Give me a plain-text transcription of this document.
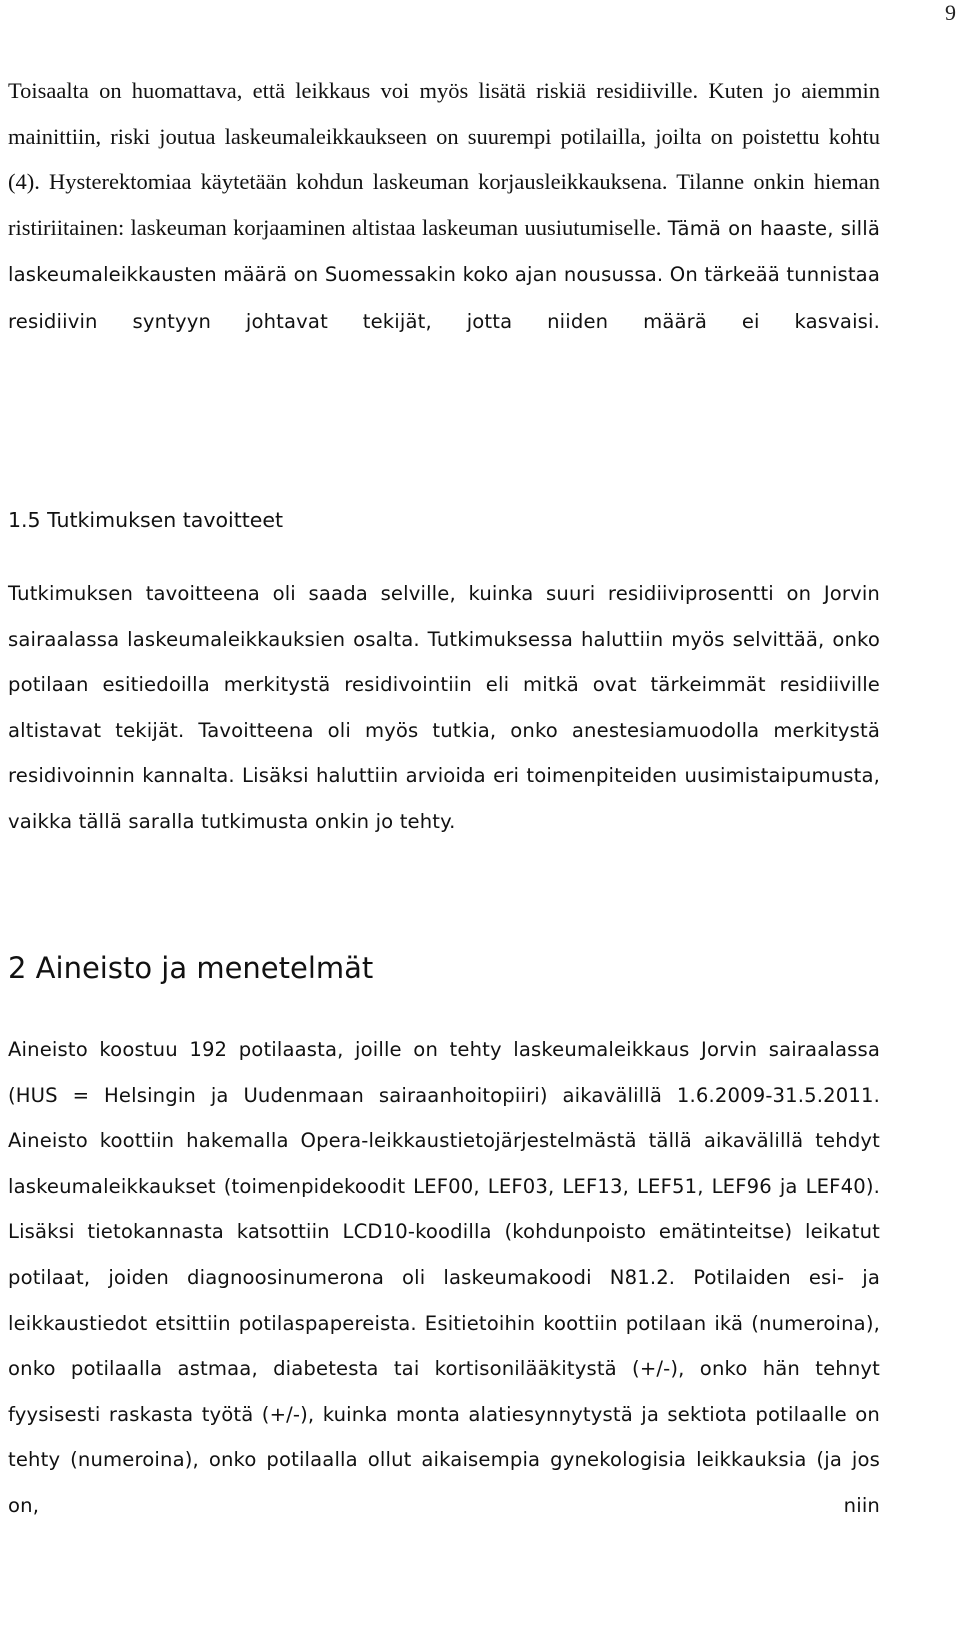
9
Toisaalta on huomattava, että leikkaus voi myös lisätä riskiä residiiville. Kuten jo aiemmin mainittiin, riski joutua laskeumaleikkaukseen on suurempi potilailla, joilta on poistettu kohtu (4). Hysterektomiaa käytetään kohdun laskeuman korjausleikkauksena. Tilanne onkin hieman ristiriitainen: laskeuman korjaaminen altistaa laskeuman uusiutumiselle. Tämä on haaste, sillä laskeumaleikkausten määrä on Suomessakin koko ajan nousussa. On tärkeää tunnistaa residiivin syntyyn johtavat tekijät, jotta niiden määrä ei kasvaisi.
1.5 Tutkimuksen tavoitteet
Tutkimuksen tavoitteena oli saada selville, kuinka suuri residiiviprosentti on Jorvin sairaalassa laskeumaleikkauksien osalta. Tutkimuksessa haluttiin myös selvittää, onko potilaan esitiedoilla merkitystä residivointiin eli mitkä ovat tärkeimmät residiiville altistavat tekijät. Tavoitteena oli myös tutkia, onko anestesiamuodolla merkitystä residivoinnin kannalta. Lisäksi haluttiin arvioida eri toimenpiteiden uusimistaipumusta, vaikka tällä saralla tutkimusta onkin jo tehty.
2 Aineisto ja menetelmät
Aineisto koostuu 192 potilaasta, joille on tehty laskeumaleikkaus Jorvin sairaalassa (HUS = Helsingin ja Uudenmaan sairaanhoitopiiri) aikavälillä 1.6.2009-31.5.2011. Aineisto koottiin hakemalla Opera-leikkaustietojärjestelmästä tällä aikavälillä tehdyt laskeumaleikkaukset (toimenpidekoodit LEF00, LEF03, LEF13, LEF51, LEF96 ja LEF40). Lisäksi tietokannasta katsottiin LCD10-koodilla (kohdunpoisto emätinteitse) leikatut potilaat, joiden diagnoosinumerona oli laskeumakoodi N81.2. Potilaiden esi- ja leikkaustiedot etsittiin potilaspapereista. Esitietoihin koottiin potilaan ikä (numeroina), onko potilaalla astmaa, diabetesta tai kortisonilääkitystä (+/-), onko hän tehnyt fyysisesti raskasta työtä (+/-), kuinka monta alatiesynnytystä ja sektiota potilaalle on tehty (numeroina), onko potilaalla ollut aikaisempia gynekologisia leikkauksia (ja jos on, niin
